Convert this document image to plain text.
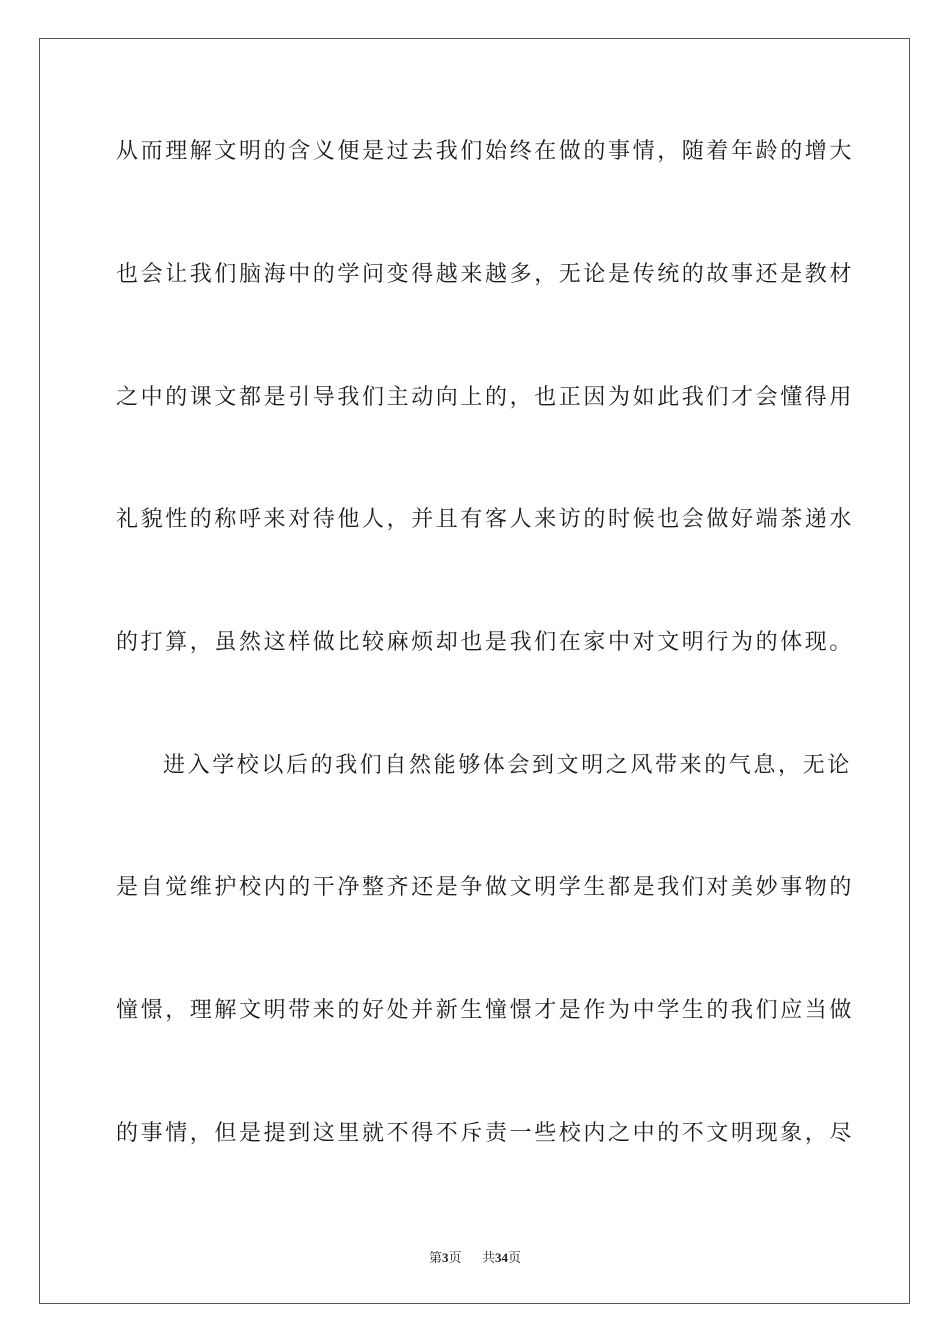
从而理解文明的含义便是过去我们始终在做的事情，随着年龄的增大
也会让我们脑海中的学问变得越来越多，无论是传统的故事还是教材
之中的课文都是引导我们主动向上的，也正因为如此我们才会懂得用
礼貌性的称呼来对待他人，并且有客人来访的时候也会做好端茶递水
的打算，虽然这样做比较麻烦却也是我们在家中对文明行为的体现。
进入学校以后的我们自然能够体会到文明之风带来的气息，无论
是自觉维护校内的干净整齐还是争做文明学生都是我们对美妙事物的
憧憬，理解文明带来的好处并新生憧憬才是作为中学生的我们应当做
的事情，但是提到这里就不得不斥责一些校内之中的不文明现象，尽
第3页 共34页
